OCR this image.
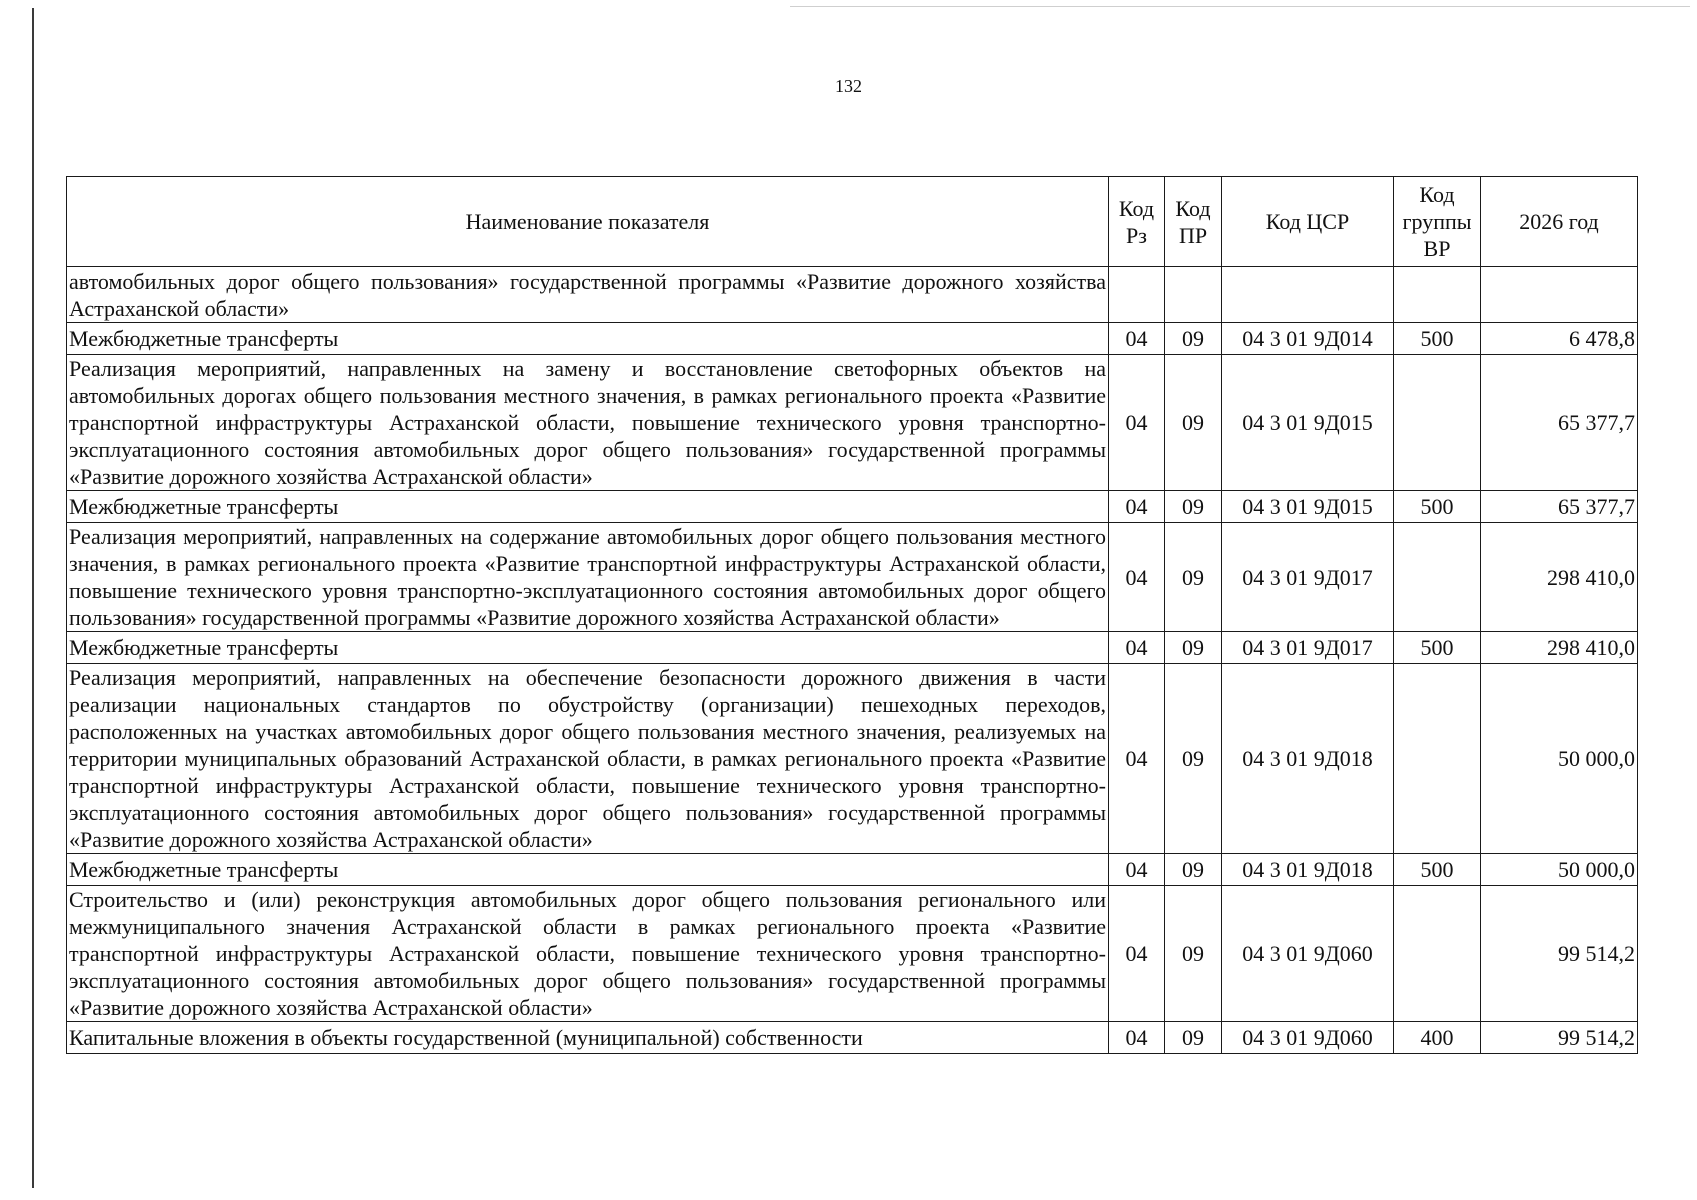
132
Наименование показателя	Код Рз	Код ПР	Код ЦСР	Код группы ВР	2026 год
автомобильных дорог общего пользования» государственной программы «Развитие дорожного хозяйства Астраханской области»					
Межбюджетные трансферты	04	09	04 3 01 9Д014	500	6 478,8
Реализация мероприятий, направленных на замену и восстановление светофорных объектов на автомобильных дорогах общего пользования местного значения, в рамках регионального проекта «Развитие транспортной инфраструктуры Астраханской области, повышение технического уровня транспортно-эксплуатационного состояния автомобильных дорог общего пользования» государственной программы «Развитие дорожного хозяйства Астраханской области»	04	09	04 3 01 9Д015		65 377,7
Межбюджетные трансферты	04	09	04 3 01 9Д015	500	65 377,7
Реализация мероприятий, направленных на содержание автомобильных дорог общего пользования местного значения, в рамках регионального проекта «Развитие транспортной инфраструктуры Астраханской области, повышение технического уровня транспортно-эксплуатационного состояния автомобильных дорог общего пользования» государственной программы «Развитие дорожного хозяйства Астраханской области»	04	09	04 3 01 9Д017		298 410,0
Межбюджетные трансферты	04	09	04 3 01 9Д017	500	298 410,0
Реализация мероприятий, направленных на обеспечение безопасности дорожного движения в части реализации национальных стандартов по обустройству (организации) пешеходных переходов, расположенных на участках автомобильных дорог общего пользования местного значения, реализуемых на территории муниципальных образований Астраханской области, в рамках регионального проекта «Развитие транспортной инфраструктуры Астраханской области, повышение технического уровня транспортно-эксплуатационного состояния автомобильных дорог общего пользования» государственной программы «Развитие дорожного хозяйства Астраханской области»	04	09	04 3 01 9Д018		50 000,0
Межбюджетные трансферты	04	09	04 3 01 9Д018	500	50 000,0
Строительство и (или) реконструкция автомобильных дорог общего пользования регионального или межмуниципального значения Астраханской области в рамках регионального проекта «Развитие транспортной инфраструктуры Астраханской области, повышение технического уровня транспортно-эксплуатационного состояния автомобильных дорог общего пользования» государственной программы «Развитие дорожного хозяйства Астраханской области»	04	09	04 3 01 9Д060		99 514,2
Капитальные вложения в объекты государственной (муниципальной) собственности	04	09	04 3 01 9Д060	400	99 514,2
